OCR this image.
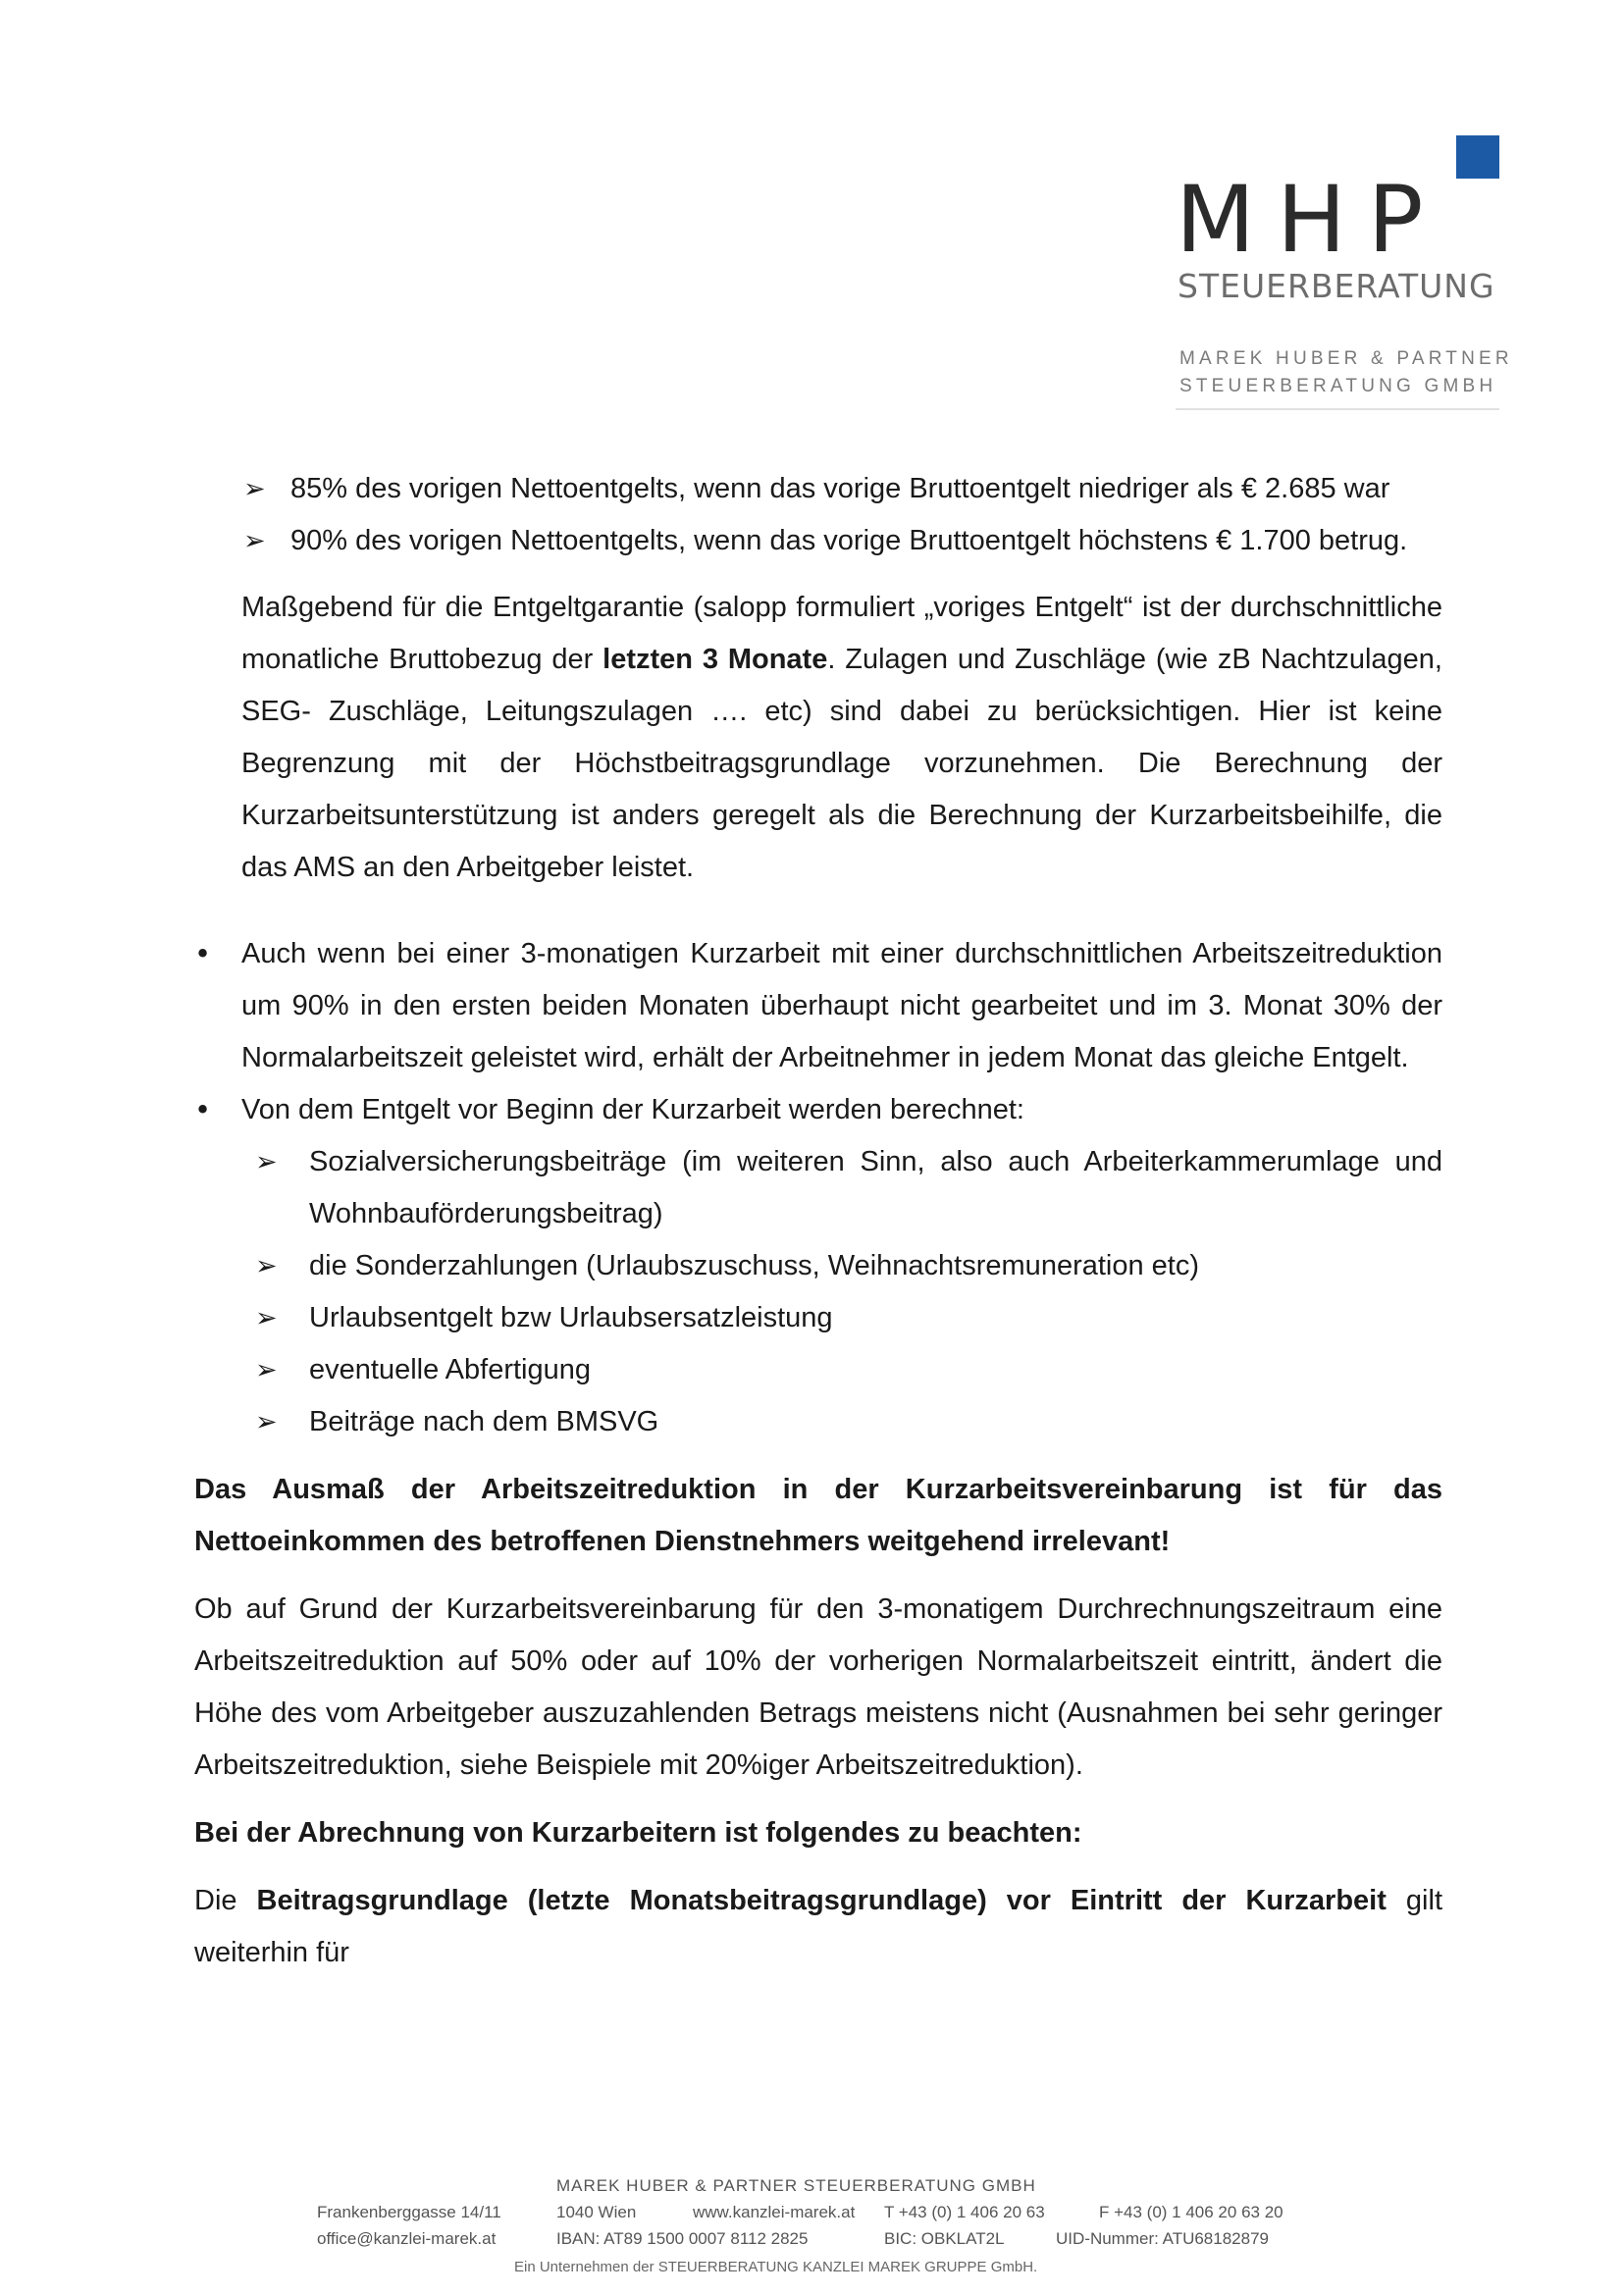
MHP
STEUERBERATUNG
MAREK HUBER & PARTNER
STEUERBERATUNG GMBH
➢ 85% des vorigen Nettoentgelts, wenn das vorige Bruttoentgelt niedriger als € 2.685 war

➢ 90% des vorigen Nettoentgelts, wenn das vorige Bruttoentgelt höchstens € 1.700 betrug.

Maßgebend für die Entgeltgarantie (salopp formuliert „voriges Entgelt“ ist der durchschnittliche monatliche Bruttobezug der letzten 3 Monate. Zulagen und Zuschläge (wie zB Nachtzulagen, SEG- Zuschläge, Leitungszulagen …. etc) sind dabei zu berücksichtigen. Hier ist keine Begrenzung mit der Höchstbeitragsgrundlage vorzunehmen. Die Berechnung der Kurzarbeitsunterstützung ist anders geregelt als die Berechnung der Kurzarbeitsbeihilfe, die das AMS an den Arbeitgeber leistet.

• Auch wenn bei einer 3-monatigen Kurzarbeit mit einer durchschnittlichen Arbeitszeitreduktion um 90% in den ersten beiden Monaten überhaupt nicht gearbeitet und im 3. Monat 30% der Normalarbeitszeit geleistet wird, erhält der Arbeitnehmer in jedem Monat das gleiche Entgelt.

• Von dem Entgelt vor Beginn der Kurzarbeit werden berechnet:

➢ Sozialversicherungsbeiträge (im weiteren Sinn, also auch Arbeiterkammerumlage und Wohnbauförderungsbeitrag)

➢ die Sonderzahlungen (Urlaubszuschuss, Weihnachtsremuneration etc)

➢ Urlaubsentgelt bzw Urlaubsersatzleistung

➢ eventuelle Abfertigung

➢ Beiträge nach dem BMSVG

Das Ausmaß der Arbeitszeitreduktion in der Kurzarbeitsvereinbarung ist für das Nettoeinkommen des betroffenen Dienstnehmers weitgehend irrelevant!

Ob auf Grund der Kurzarbeitsvereinbarung für den 3-monatigem Durchrechnungszeitraum eine Arbeitszeitreduktion auf 50% oder auf 10% der vorherigen Normalarbeitszeit eintritt, ändert die Höhe des vom Arbeitgeber auszuzahlenden Betrags meistens nicht (Ausnahmen bei sehr geringer Arbeitszeitreduktion, siehe Beispiele mit 20%iger Arbeitszeitreduktion).

Bei der Abrechnung von Kurzarbeitern ist folgendes zu beachten:

Die Beitragsgrundlage (letzte Monatsbeitragsgrundlage) vor Eintritt der Kurzarbeit gilt weiterhin für

MAREK HUBER & PARTNER STEUERBERATUNG GMBH
Frankenberggasse 14/11	1040 Wien	www.kanzlei-marek.at T +43 (0) 1 406 20 63	F +43 (0) 1 406 20 63 20
office@kanzlei-marek.at	IBAN: AT89 1500 0007 8112 2825	BIC: OBKLAT2L	UID-Nummer: ATU68182879
Ein Unternehmen der STEUERBERATUNG KANZLEI MAREK GRUPPE GmbH.
